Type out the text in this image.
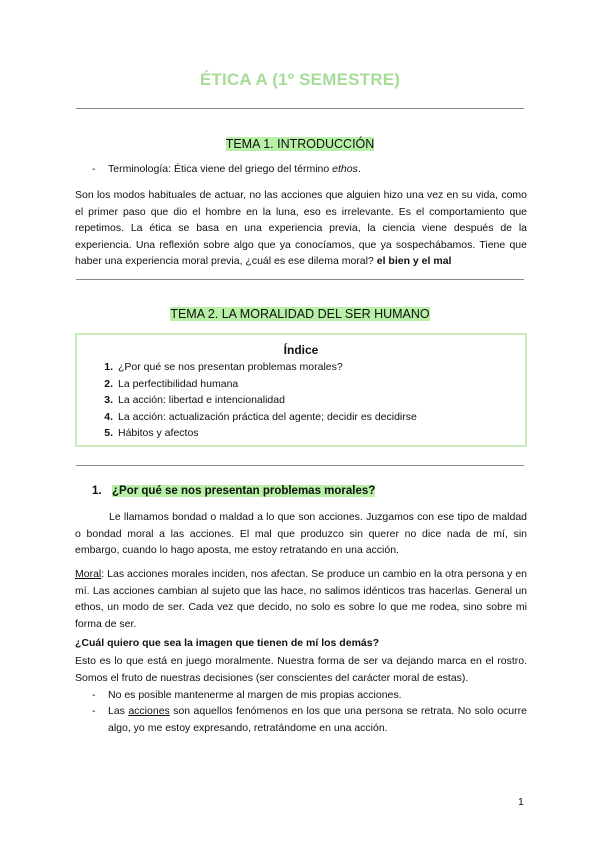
ÉTICA A (1º SEMESTRE)
TEMA 1. INTRODUCCIÓN
- Terminología: Ética viene del griego del término ethos.
Son los modos habituales de actuar, no las acciones que alguien hizo una vez en su vida, como el primer paso que dio el hombre en la luna, eso es irrelevante. Es el comportamiento que repetimos. La ética se basa en una experiencia previa, la ciencia viene después de la experiencia. Una reflexión sobre algo que ya conocíamos, que ya sospechábamos. Tiene que haber una experiencia moral previa, ¿cuál es ese dilema moral? el bien y el mal
TEMA 2. LA MORALIDAD DEL SER HUMANO
Índice
1. ¿Por qué se nos presentan problemas morales?
2. La perfectibilidad humana
3. La acción: libertad e intencionalidad
4. La acción: actualización práctica del agente; decidir es decidirse
5. Hábitos y afectos
1. ¿Por qué se nos presentan problemas morales?
Le llamamos bondad o maldad a lo que son acciones. Juzgamos con ese tipo de maldad o bondad moral a las acciones. El mal que produzco sin querer no dice nada de mí, sin embargo, cuando lo hago aposta, me estoy retratando en una acción.
Moral: Las acciones morales inciden, nos afectan. Se produce un cambio en la otra persona y en mí. Las acciones cambian al sujeto que las hace, no salimos idénticos tras hacerlas. General un ethos, un modo de ser. Cada vez que decido, no solo es sobre lo que me rodea, sino sobre mi forma de ser.
¿Cuál quiero que sea la imagen que tienen de mí los demás?
Esto es lo que está en juego moralmente. Nuestra forma de ser va dejando marca en el rostro. Somos el fruto de nuestras decisiones (ser conscientes del carácter moral de estas).
- No es posible mantenerme al margen de mis propias acciones.
- Las acciones son aquellos fenómenos en los que una persona se retrata. No solo ocurre algo, yo me estoy expresando, retratándome en una acción.
1
